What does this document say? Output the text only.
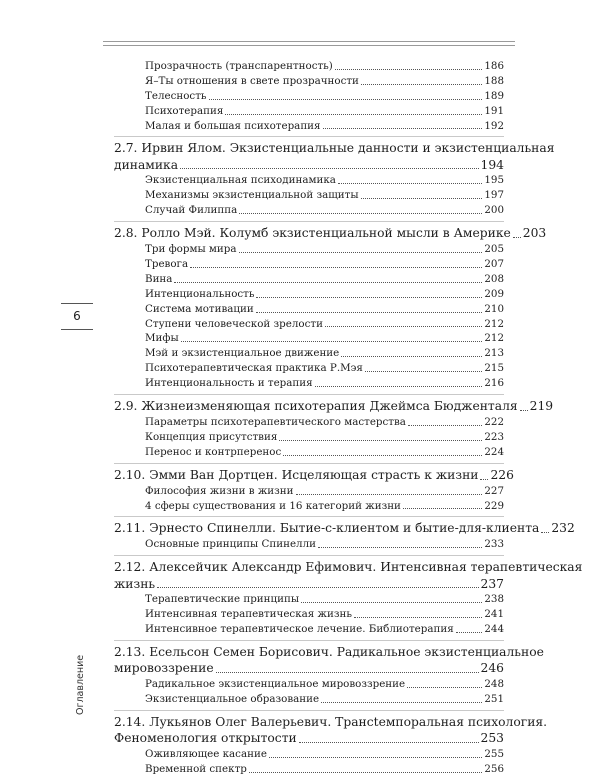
Прозрачность (транспарентность)	186
Я–Ты отношения в свете прозрачности	188
Телесность	189
Психотерапия	191
Малая и большая психотерапия	192
2.7. Ирвин Ялом. Экзистенциальные данности и экзистенциальная
динамика	194
Экзистенциальная психодинамика	195
Механизмы экзистенциальной защиты	197
Случай Филиппа	200
2.8. Ролло Мэй. Колумб экзистенциальной мысли в Америке 203
Три формы мира	205
Тревога	207
Вина	208
Интенциональность	209
Система мотивации	210
Ступени человеческой зрелости	212
Мифы	212
Мэй и экзистенциальное движение	213
Психотерапевтическая практика Р.Мэя	215
Интенциональность и терапия	216
2.9. Жизнеизменяющая психотерапия Джеймса Бюдженталя 219
Параметры психотерапевтического мастерства	222
Концепция присутствия	223
Перенос и контрперенос	224
2.10. Эмми Ван Дортцен. Исцеляющая страсть к жизни 226
Философия жизни в жизни	227
4 сферы существования и 16 категорий жизни	229
2.11. Эрнесто Спинелли. Бытие-с-клиентом и бытие-для-клиента 232
Основные принципы Спинелли	233
2.12. Алексейчик Александр Ефимович. Интенсивная терапевтическая
жизнь	237
Терапевтические принципы	238
Интенсивная терапевтическая жизнь	241
Интенсивное терапевтическое лечение. Библиотерапия	244
2.13. Есельсон Семен Борисович. Радикальное экзистенциальное
мировоззрение	246
Радикальное экзистенциальное мировоззрение	248
Экзистенциальное образование	251
2.14. Лукьянов Олег Валерьевич. Трансtемпоральная психология.
Феноменология открытости	253
Оживляющее касание	255
Временной спектр	256
6
Оглавление
